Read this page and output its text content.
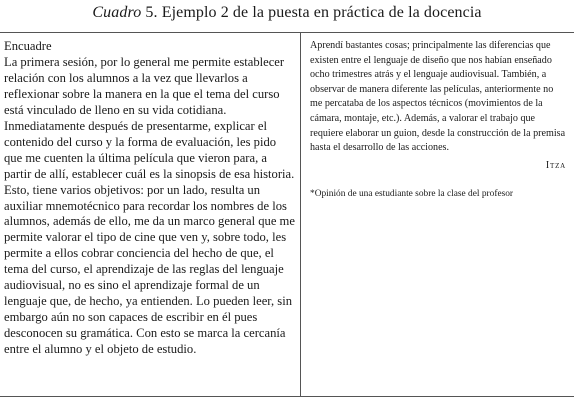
Cuadro 5. Ejemplo 2 de la puesta en práctica de la docencia
Encuadre
La primera sesión, por lo general me permite establecer relación con los alumnos a la vez que llevarlos a reflexionar sobre la manera en la que el tema del curso está vinculado de lleno en su vida cotidiana. Inmediatamente después de presentarme, explicar el contenido del curso y la forma de evaluación, les pido que me cuenten la última película que vieron para, a partir de allí, establecer cuál es la sinopsis de esa historia. Esto, tiene varios objetivos: por un lado, resulta un auxiliar mnemotécnico para recordar los nombres de los alumnos, además de ello, me da un marco general que me permite valorar el tipo de cine que ven y, sobre todo, les permite a ellos cobrar conciencia del hecho de que, el tema del curso, el aprendizaje de las reglas del lenguaje audiovisual, no es sino el aprendizaje formal de un lenguaje que, de hecho, ya entienden. Lo pueden leer, sin embargo aún no son capaces de escribir en él pues desconocen su gramática. Con esto se marca la cercanía entre el alumno y el objeto de estudio.
Aprendí bastantes cosas; principalmente las diferencias que existen entre el lenguaje de diseño que nos habían enseñado ocho trimestres atrás y el lenguaje audiovisual. También, a observar de manera diferente las películas, anteriormente no me percataba de los aspectos técnicos (movimientos de la cámara, montaje, etc.). Además, a valorar el trabajo que requiere elaborar un guion, desde la construcción de la premisa hasta el desarrollo de las acciones.
Itza
*Opinión de una estudiante sobre la clase del profesor
